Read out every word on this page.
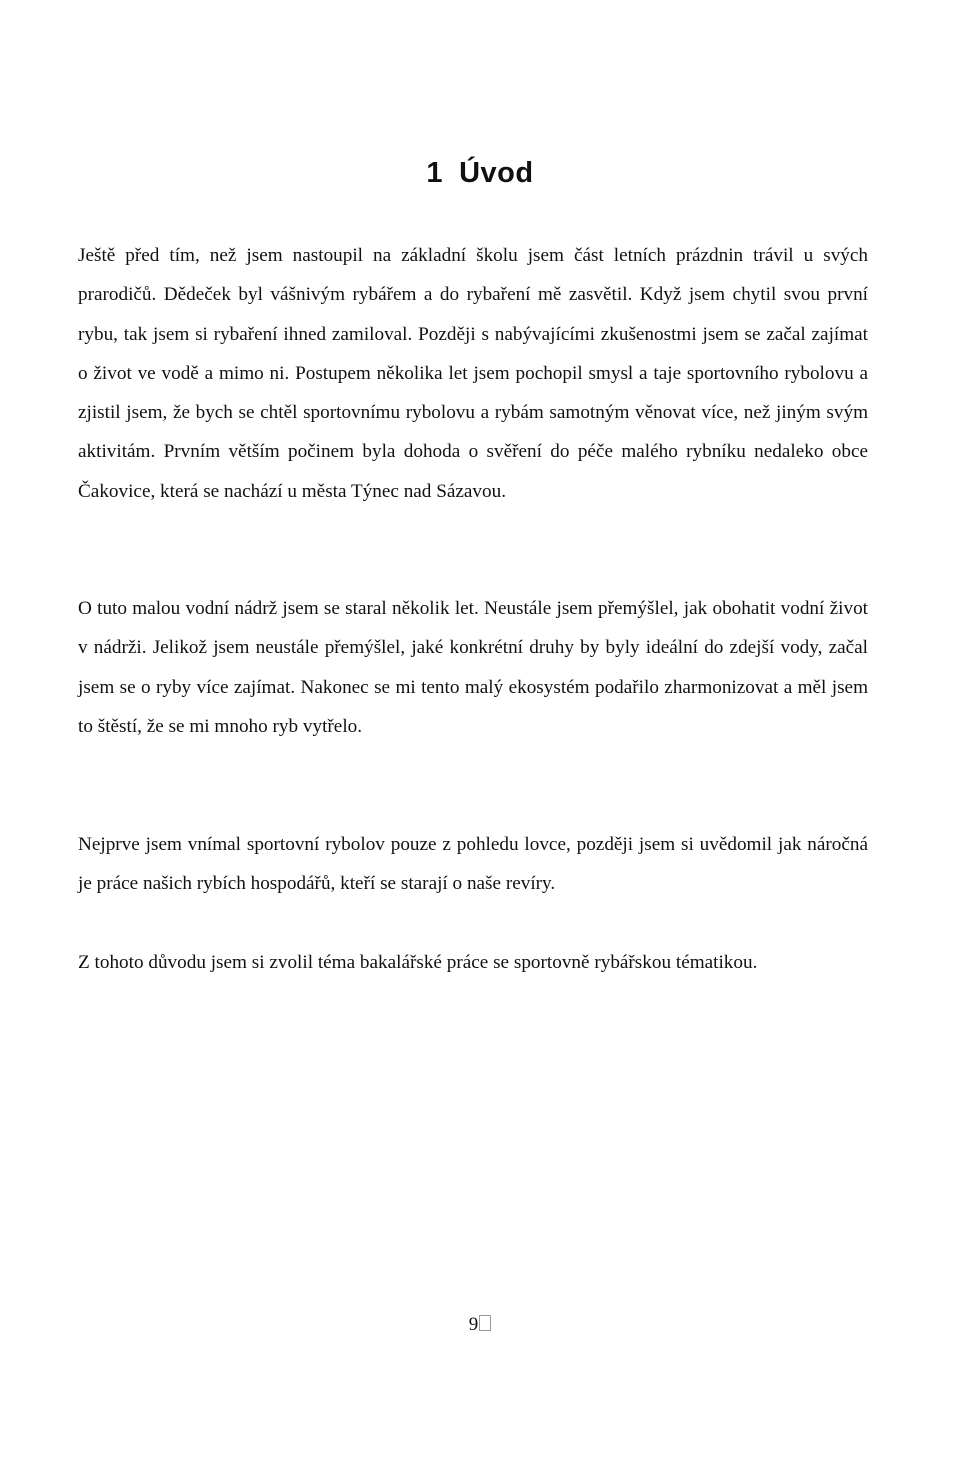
1 Úvod

Ještě před tím, než jsem nastoupil na základní školu jsem část letních prázdnin trávil u svých prarodičů. Dědeček byl vášnivým rybářem a do rybaření mě zasvětil. Když jsem chytil svou první rybu, tak jsem si rybaření ihned zamiloval. Později s nabývajícími zkušenostmi jsem se začal zajímat o život ve vodě a mimo ni. Postupem několika let jsem pochopil smysl a taje sportovního rybolovu a zjistil jsem, že bych se chtěl sportovnímu rybolovu a rybám samotným věnovat více, než jiným svým aktivitám. Prvním větším počinem byla dohoda o svěření do péče malého rybníku nedaleko obce Čakovice, která se nachází u města Týnec nad Sázavou.

O tuto malou vodní nádrž jsem se staral několik let. Neustále jsem přemýšlel, jak obohatit vodní život v nádrži. Jelikož jsem neustále přemýšlel, jaké konkrétní druhy by byly ideální do zdejší vody, začal jsem se o ryby více zajímat. Nakonec se mi tento malý ekosystém podařilo zharmonizovat a měl jsem to štěstí, že se mi mnoho ryb vytřelo.

Nejprve jsem vnímal sportovní rybolov pouze z pohledu lovce, později jsem si uvědomil jak náročná je práce našich rybích hospodářů, kteří se starají o naše revíry.

Z tohoto důvodu jsem si zvolil téma bakalářské práce se sportovně rybářskou tématikou.

9
